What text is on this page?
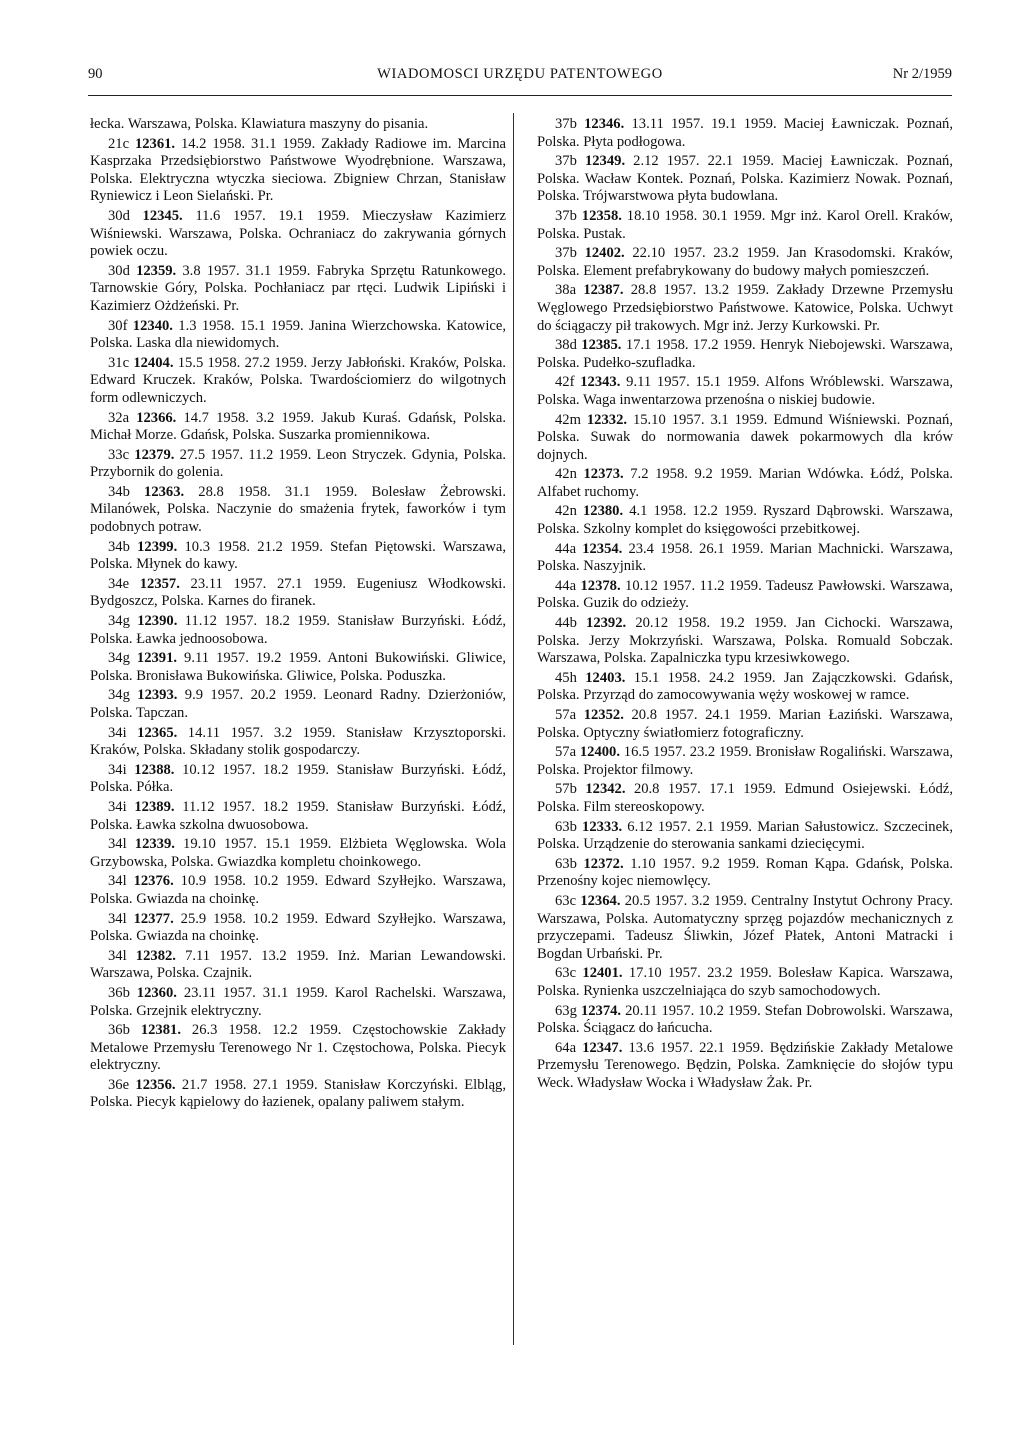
90	WIADOMOSCI URZĘDU PATENTOWEGO	Nr 2/1959

łecka. Warszawa, Polska. Klawiatura maszyny do pisania.

21c 12361. 14.2 1958. 31.1 1959. Zakłady Radiowe im. Marcina Kasprzaka Przedsiębiorstwo Państwowe Wyodrębnione. Warszawa, Polska. Elektryczna wtyczka sieciowa. Zbigniew Chrzan, Stanisław Ryniewicz i Leon Sielański. Pr.

30d 12345. 11.6 1957. 19.1 1959. Mieczysław Kazimierz Wiśniewski. Warszawa, Polska. Ochraniacz do zakrywania górnych powiek oczu.

30d 12359. 3.8 1957. 31.1 1959. Fabryka Sprzętu Ratunkowego. Tarnowskie Góry, Polska. Pochłaniacz par rtęci. Ludwik Lipiński i Kazimierz Ożdżeński. Pr.

30f 12340. 1.3 1958. 15.1 1959. Janina Wierzchowska. Katowice, Polska. Laska dla niewidomych.

31c 12404. 15.5 1958. 27.2 1959. Jerzy Jabłoński. Kraków, Polska. Edward Kruczek. Kraków, Polska. Twardościomierz do wilgotnych form odlewniczych.

32a 12366. 14.7 1958. 3.2 1959. Jakub Kuraś. Gdańsk, Polska. Michał Morze. Gdańsk, Polska. Suszarka promiennikowa.

33c 12379. 27.5 1957. 11.2 1959. Leon Stryczek. Gdynia, Polska. Przybornik do golenia.

34b 12363. 28.8 1958. 31.1 1959. Bolesław Żebrowski. Milanówek, Polska. Naczynie do smażenia frytek, faworków i tym podobnych potraw.

34b 12399. 10.3 1958. 21.2 1959. Stefan Piętowski. Warszawa, Polska. Młynek do kawy.

34e 12357. 23.11 1957. 27.1 1959. Eugeniusz Włodkowski. Bydgoszcz, Polska. Karnes do firanek.

34g 12390. 11.12 1957. 18.2 1959. Stanisław Burzyński. Łódź, Polska. Ławka jednoosobowa.

34g 12391. 9.11 1957. 19.2 1959. Antoni Bukowiński. Gliwice, Polska. Bronisława Bukowińska. Gliwice, Polska. Poduszka.

34g 12393. 9.9 1957. 20.2 1959. Leonard Radny. Dzierżoniów, Polska. Tapczan.

34i 12365. 14.11 1957. 3.2 1959. Stanisław Krzysztoporski. Kraków, Polska. Składany stolik gospodarczy.

34i 12388. 10.12 1957. 18.2 1959. Stanisław Burzyński. Łódź, Polska. Półka.

34i 12389. 11.12 1957. 18.2 1959. Stanisław Burzyński. Łódź, Polska. Ławka szkolna dwuosobowa.

34l 12339. 19.10 1957. 15.1 1959. Elżbieta Węglowska. Wola Grzybowska, Polska. Gwiazdka kompletu choinkowego.

34l 12376. 10.9 1958. 10.2 1959. Edward Szyłłejko. Warszawa, Polska. Gwiazda na choinkę.

34l 12377. 25.9 1958. 10.2 1959. Edward Szyłłejko. Warszawa, Polska. Gwiazda na choinkę.

34l 12382. 7.11 1957. 13.2 1959. Inż. Marian Lewandowski. Warszawa, Polska. Czajnik.

36b 12360. 23.11 1957. 31.1 1959. Karol Rachelski. Warszawa, Polska. Grzejnik elektryczny.

36b 12381. 26.3 1958. 12.2 1959. Częstochowskie Zakłady Metalowe Przemysłu Terenowego Nr 1. Częstochowa, Polska. Piecyk elektryczny.

36e 12356. 21.7 1958. 27.1 1959. Stanisław Korczyński. Elbląg, Polska. Piecyk kąpielowy do łazienek, opalany paliwem stałym.

37b 12346. 13.11 1957. 19.1 1959. Maciej Ławniczak. Poznań, Polska. Płyta podłogowa.

37b 12349. 2.12 1957. 22.1 1959. Maciej Ławniczak. Poznań, Polska. Wacław Kontek. Poznań, Polska. Kazimierz Nowak. Poznań, Polska. Trójwarstwowa płyta budowlana.

37b 12358. 18.10 1958. 30.1 1959. Mgr inż. Karol Orell. Kraków, Polska. Pustak.

37b 12402. 22.10 1957. 23.2 1959. Jan Krasodomski. Kraków, Polska. Element prefabrykowany do budowy małych pomieszczeń.

38a 12387. 28.8 1957. 13.2 1959. Zakłady Drzewne Przemysłu Węglowego Przedsiębiorstwo Państwowe. Katowice, Polska. Uchwyt do ściągaczy pił trakowych. Mgr inż. Jerzy Kurkowski. Pr.

38d 12385. 17.1 1958. 17.2 1959. Henryk Niebojewski. Warszawa, Polska. Pudełko-szufladka.

42f 12343. 9.11 1957. 15.1 1959. Alfons Wróblewski. Warszawa, Polska. Waga inwentarzowa przenośna o niskiej budowie.

42m 12332. 15.10 1957. 3.1 1959. Edmund Wiśniewski. Poznań, Polska. Suwak do normowania dawek pokarmowych dla krów dojnych.

42n 12373. 7.2 1958. 9.2 1959. Marian Wdówka. Łódź, Polska. Alfabet ruchomy.

42n 12380. 4.1 1958. 12.2 1959. Ryszard Dąbrowski. Warszawa, Polska. Szkolny komplet do księgowości przebitkowej.

44a 12354. 23.4 1958. 26.1 1959. Marian Machnicki. Warszawa, Polska. Naszyjnik.

44a 12378. 10.12 1957. 11.2 1959. Tadeusz Pawłowski. Warszawa, Polska. Guzik do odzieży.

44b 12392. 20.12 1958. 19.2 1959. Jan Cichocki. Warszawa, Polska. Jerzy Mokrzyński. Warszawa, Polska. Romuald Sobczak. Warszawa, Polska. Zapalniczka typu krzesiwkowego.

45h 12403. 15.1 1958. 24.2 1959. Jan Zajączkowski. Gdańsk, Polska. Przyrząd do zamocowywania węży woskowej w ramce.

57a 12352. 20.8 1957. 24.1 1959. Marian Łaziński. Warszawa, Polska. Optyczny światłomierz fotograficzny.

57a 12400. 16.5 1957. 23.2 1959. Bronisław Rogaliński. Warszawa, Polska. Projektor filmowy.

57b 12342. 20.8 1957. 17.1 1959. Edmund Osiejewski. Łódź, Polska. Film stereoskopowy.

63b 12333. 6.12 1957. 2.1 1959. Marian Sałustowicz. Szczecinek, Polska. Urządzenie do sterowania sankami dziecięcymi.

63b 12372. 1.10 1957. 9.2 1959. Roman Kąpa. Gdańsk, Polska. Przenośny kojec niemowlęcy.

63c 12364. 20.5 1957. 3.2 1959. Centralny Instytut Ochrony Pracy. Warszawa, Polska. Automatyczny sprzęg pojazdów mechanicznych z przyczepami. Tadeusz Śliwkin, Józef Płatek, Antoni Matracki i Bogdan Urbański. Pr.

63c 12401. 17.10 1957. 23.2 1959. Bolesław Kapica. Warszawa, Polska. Rynienka uszczelniająca do szyb samochodowych.

63g 12374. 20.11 1957. 10.2 1959. Stefan Dobrowolski. Warszawa, Polska. Ściągacz do łańcucha.

64a 12347. 13.6 1957. 22.1 1959. Będzińskie Zakłady Metalowe Przemysłu Terenowego. Będzin, Polska. Zamknięcie do słojów typu Weck. Władysław Wocka i Władysław Żak. Pr.
